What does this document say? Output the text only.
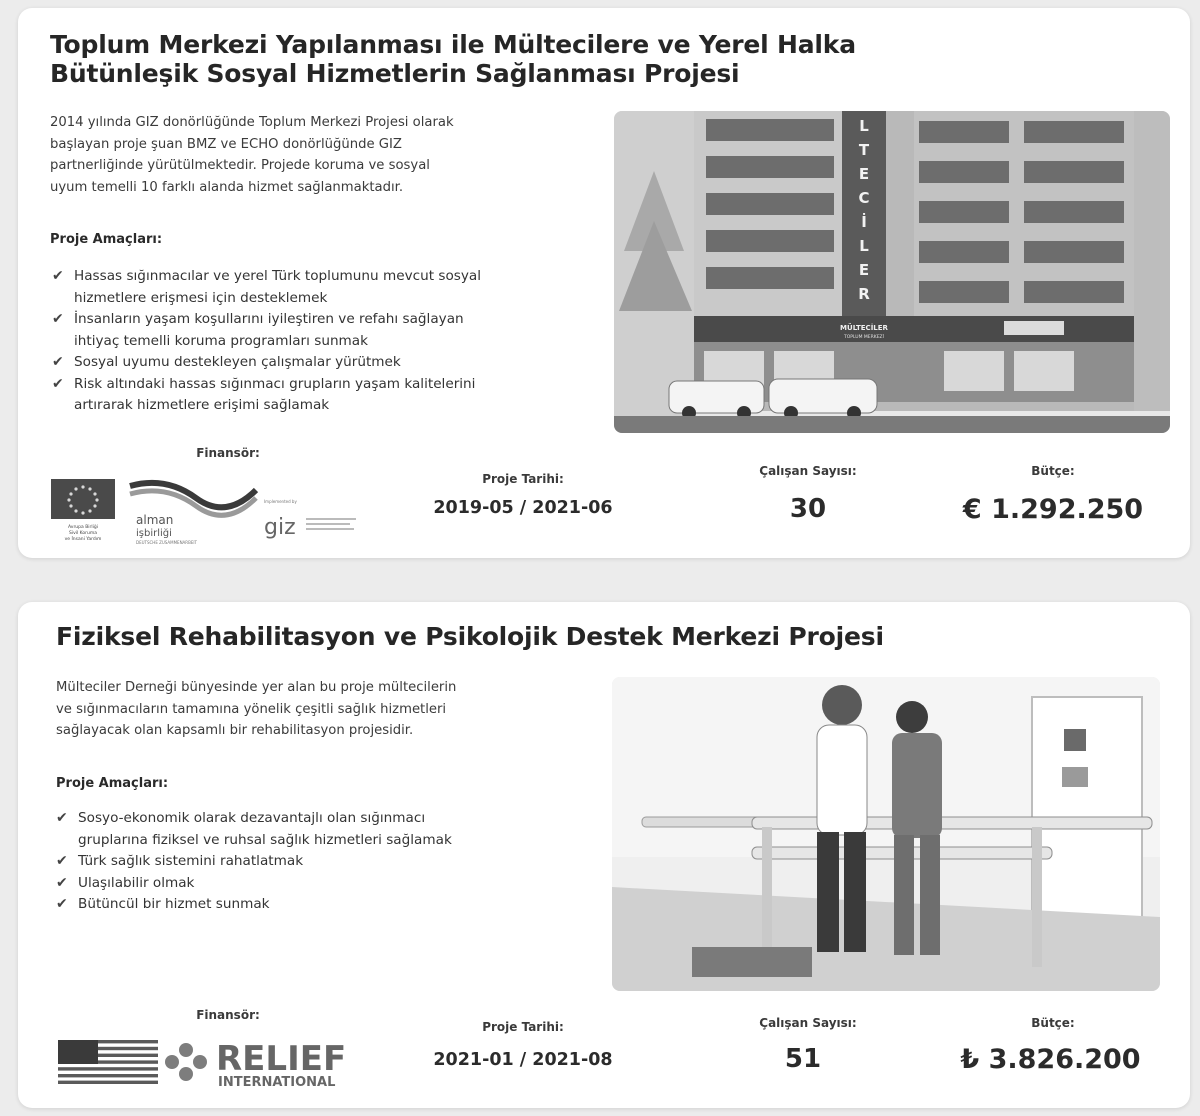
Toplum Merkezi Yapılanması ile Mültecilere ve Yerel Halka
Bütünleşik Sosyal Hizmetlerin Sağlanması Projesi

2014 yılında GIZ donörlüğünde Toplum Merkezi Projesi olarak
başlayan proje şuan BMZ ve ECHO donörlüğünde GIZ
partnerliğinde yürütülmektedir. Projede koruma ve sosyal
uyum temelli 10 farklı alanda hizmet sağlanmaktadır.

Proje Amaçları:

✔ Hassas sığınmacılar ve yerel Türk toplumunu mevcut sosyal
hizmetlere erişmesi için desteklemek
✔ İnsanların yaşam koşullarını iyileştiren ve refahı sağlayan
ihtiyaç temelli koruma programları sunmak
✔ Sosyal uyumu destekleyen çalışmalar yürütmek
✔ Risk altındaki hassas sığınmacı grupların yaşam kalitelerini
artırarak hizmetlere erişimi sağlamak
L
T
E
C
İ
L
E
R
MÜLTECİLER
TOPLUM MERKEZİ

Finansör:

Avrupa Birliği
Sivil Koruma
ve İnsani Yardım
alman
işbirliği
DEUTSCHE ZUSAMMENARBEIT
Implemented by
giz

Proje Tarihi:

2019-05 / 2021-06

Çalışan Sayısı:

30

Bütçe:

€ 1.292.250

Fiziksel Rehabilitasyon ve Psikolojik Destek Merkezi Projesi

Mülteciler Derneği bünyesinde yer alan bu proje mültecilerin
ve sığınmacıların tamamına yönelik çeşitli sağlık hizmetleri
sağlayacak olan kapsamlı bir rehabilitasyon projesidir.

Proje Amaçları:

✔ Sosyo-ekonomik olarak dezavantajlı olan sığınmacı
gruplarına fiziksel ve ruhsal sağlık hizmetleri sağlamak
✔ Türk sağlık sistemini rahatlatmak
✔ Ulaşılabilir olmak
✔ Bütüncül bir hizmet sunmak

Finansör:

RELIEF
INTERNATIONAL

Proje Tarihi:

2021-01 / 2021-08

Çalışan Sayısı:

51

Bütçe:

₺ 3.826.200
